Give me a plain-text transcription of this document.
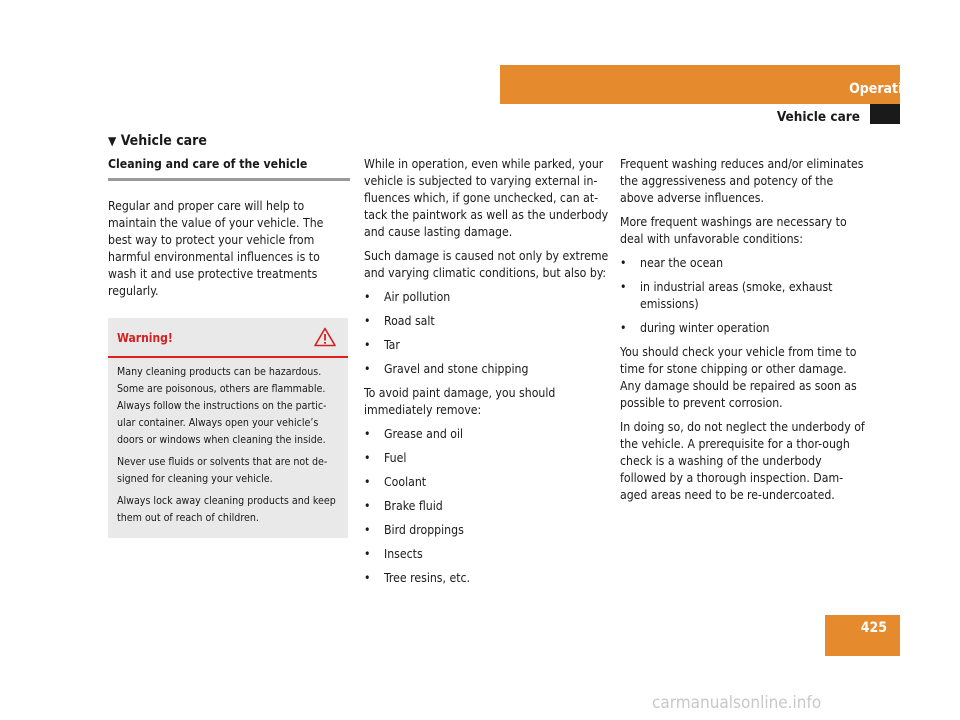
Operation
Vehicle care
▼ Vehicle care
Cleaning and care of the vehicle

Regular and proper care will help to maintain the value of your vehicle. The best way to protect your vehicle from harmful environmental influences is to wash it and use protective treatments regularly.

Warning!

Many cleaning products can be hazardous. Some are poisonous, others are flammable. Always follow the instructions on the partic-ular container. Always open your vehicle’s doors or windows when cleaning the inside.

Never use fluids or solvents that are not de-signed for cleaning your vehicle.

Always lock away cleaning products and keep them out of reach of children.

While in operation, even while parked, your vehicle is subjected to varying external in-fluences which, if gone unchecked, can at-tack the paintwork as well as the underbody and cause lasting damage.

Such damage is caused not only by extreme and varying climatic conditions, but also by:

• Air pollution
• Road salt
• Tar
• Gravel and stone chipping

To avoid paint damage, you should immediately remove:

• Grease and oil
• Fuel
• Coolant
• Brake fluid
• Bird droppings
• Insects
• Tree resins, etc.

Frequent washing reduces and/or eliminates the aggressiveness and potency of the above adverse influences.

More frequent washings are necessary to deal with unfavorable conditions:

• near the ocean
• in industrial areas (smoke, exhaust emissions)
• during winter operation

You should check your vehicle from time to time for stone chipping or other damage. Any damage should be repaired as soon as possible to prevent corrosion.

In doing so, do not neglect the underbody of the vehicle. A prerequisite for a thor-ough check is a washing of the underbody followed by a thorough inspection. Dam-aged areas need to be re-undercoated.

425
carmanualsonline.info
